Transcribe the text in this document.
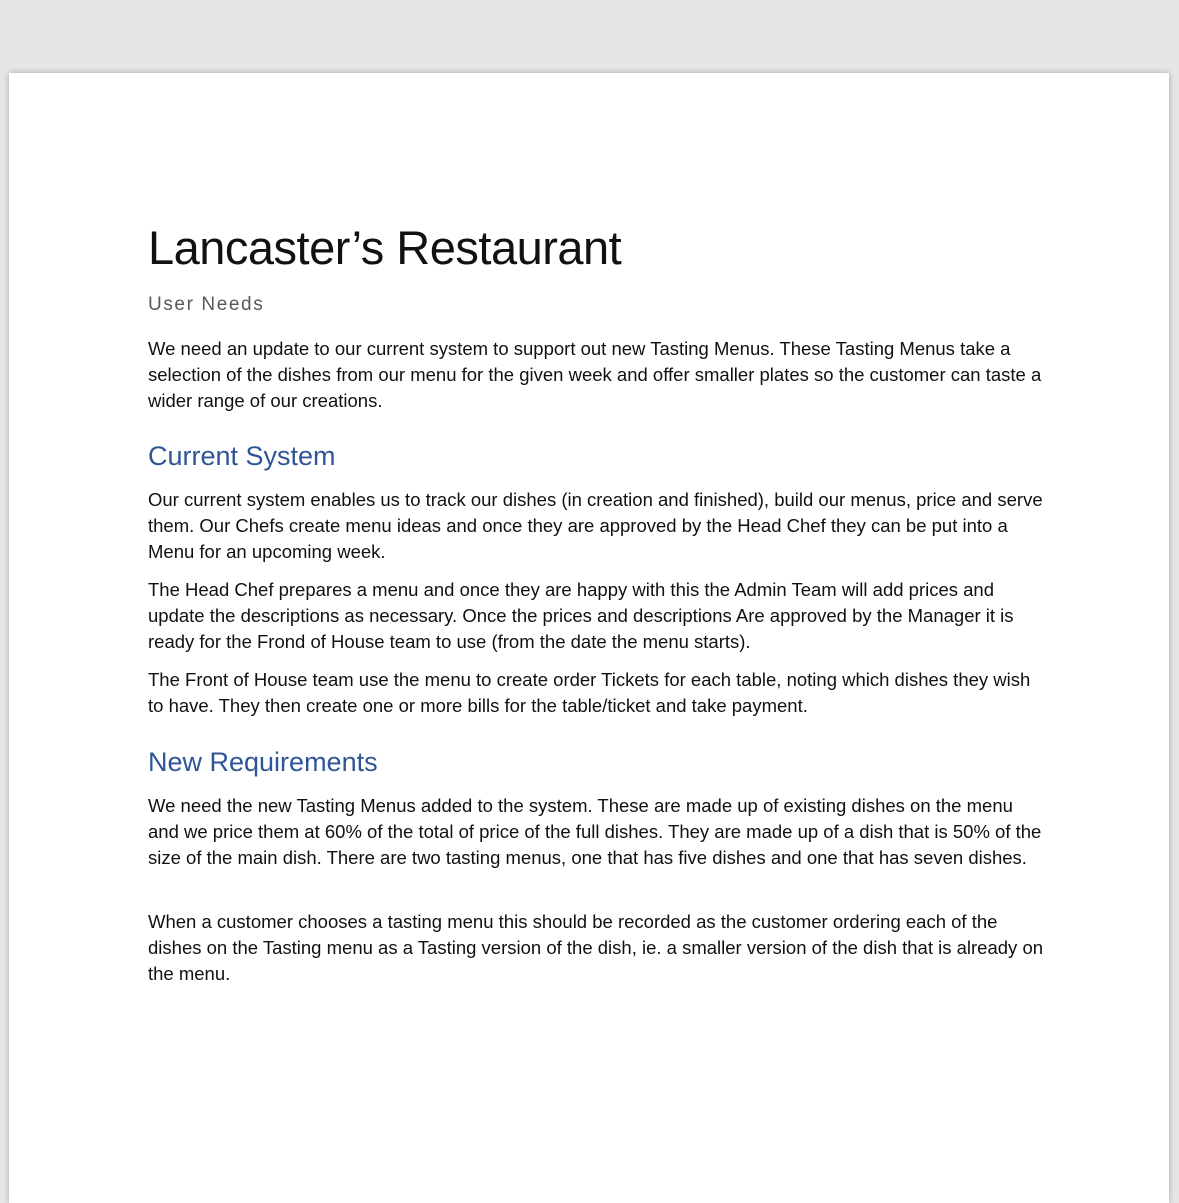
Lancaster’s Restaurant
User Needs

We need an update to our current system to support out new Tasting Menus. These Tasting Menus take a selection of the dishes from our menu for the given week and offer smaller plates so the customer can taste a wider range of our creations.

Current System

Our current system enables us to track our dishes (in creation and finished), build our menus, price and serve them. Our Chefs create menu ideas and once they are approved by the Head Chef they can be put into a Menu for an upcoming week.

The Head Chef prepares a menu and once they are happy with this the Admin Team will add prices and update the descriptions as necessary. Once the prices and descriptions Are approved by the Manager it is ready for the Frond of House team to use (from the date the menu starts).

The Front of House team use the menu to create order Tickets for each table, noting which dishes they wish to have. They then create one or more bills for the table/ticket and take payment.

New Requirements

We need the new Tasting Menus added to the system. These are made up of existing dishes on the menu and we price them at 60% of the total of price of the full dishes. They are made up of a dish that is 50% of the size of the main dish. There are two tasting menus, one that has five dishes and one that has seven dishes.

When a customer chooses a tasting menu this should be recorded as the customer ordering each of the dishes on the Tasting menu as a Tasting version of the dish, ie. a smaller version of the dish that is already on the menu.
